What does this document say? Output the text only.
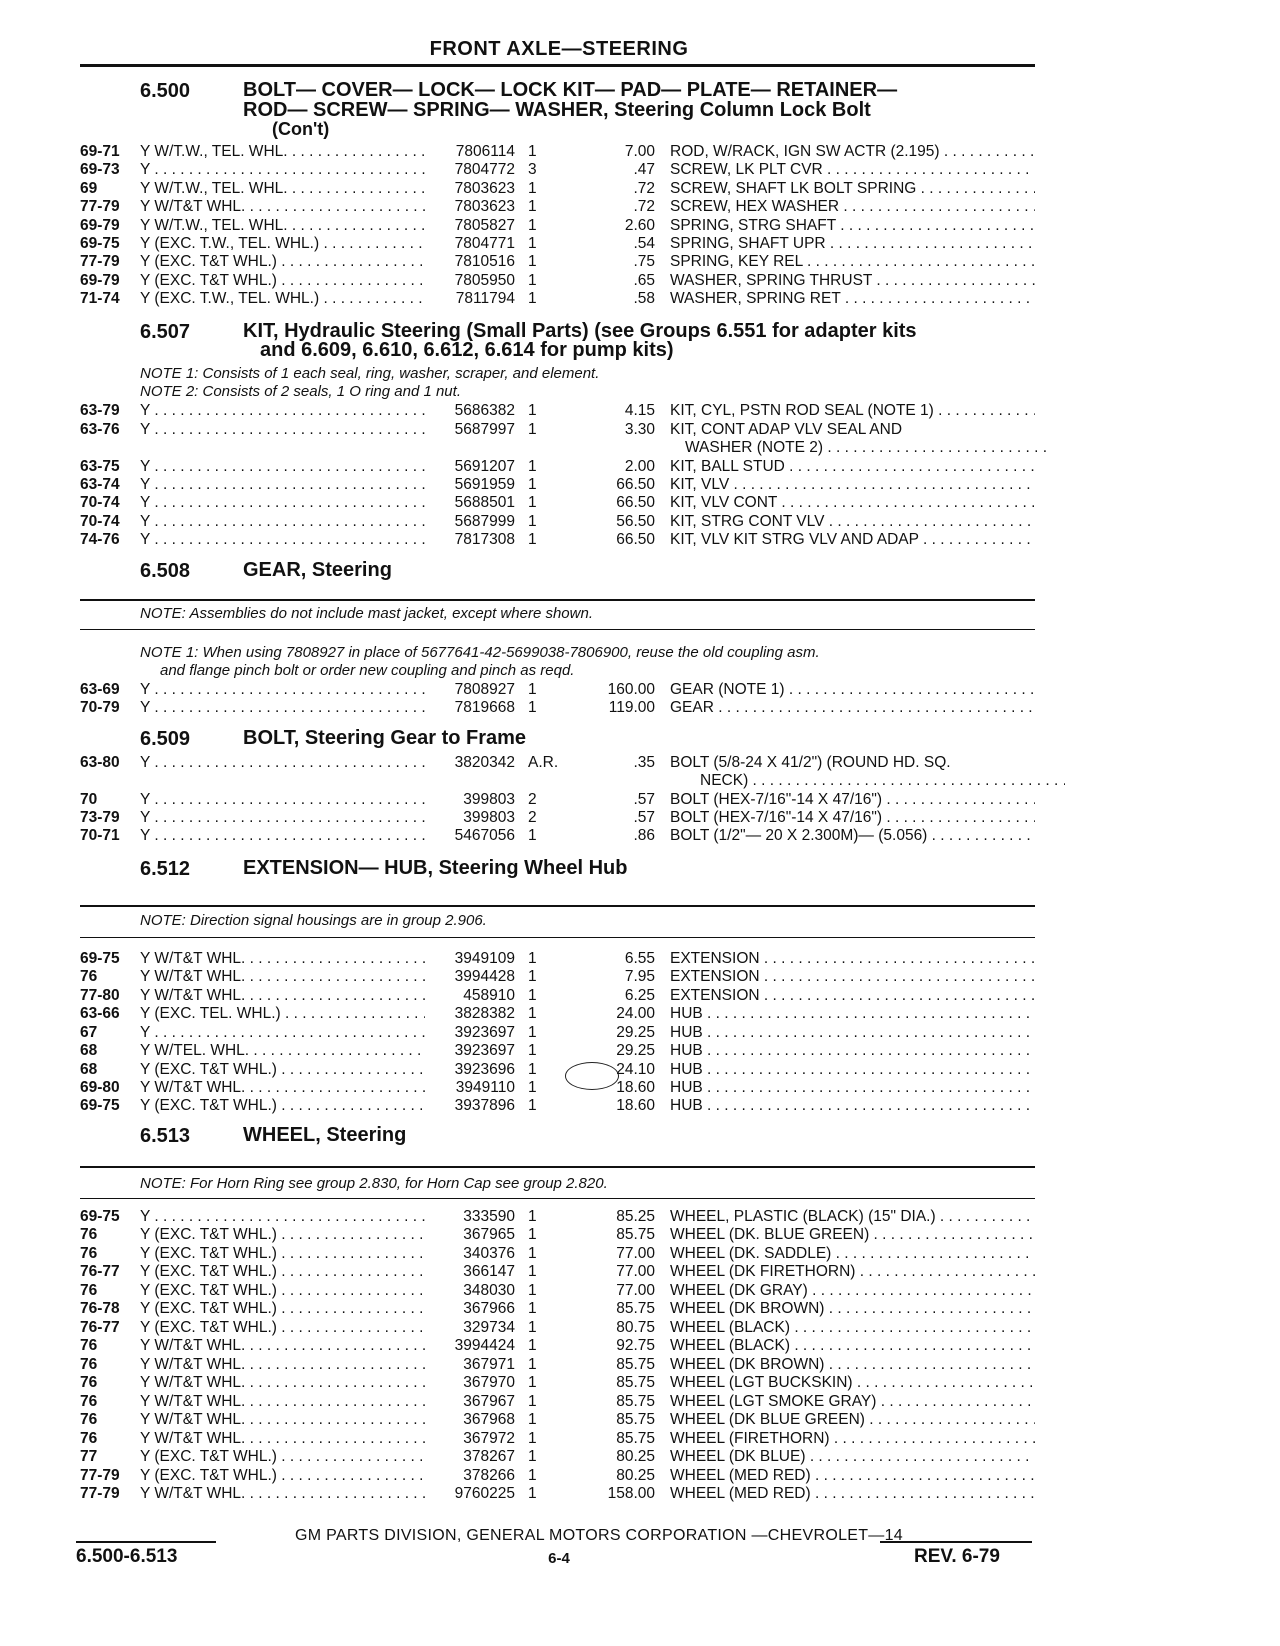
FRONT AXLE—STEERING
6.500	BOLT— COVER— LOCK— LOCK KIT— PAD— PLATE— RETAINER—
ROD— SCREW— SPRING— WASHER, Steering Column Lock Bolt
(Con't)
69-71 Y W/T.W., TEL. WHL. . . .	7806114 1	7.00 ROD, W/RACK, IGN SW ACTR (2.195) . . .
69-73 Y . . .	7804772 3	.47 SCREW, LK PLT CVR . . .
69	Y W/T.W., TEL. WHL. . . .	7803623 1	.72 SCREW, SHAFT LK BOLT SPRING . . .
77-79 Y W/T&T WHL. . . .	7803623 1	.72 SCREW, HEX WASHER . . .
69-79 Y W/T.W., TEL. WHL. . . .	7805827 1	2.60 SPRING, STRG SHAFT . . .
69-75 Y (EXC. T.W., TEL. WHL.) . . .	7804771 1	.54 SPRING, SHAFT UPR . . .
77-79 Y (EXC. T&T WHL.) . . .	7810516 1	.75 SPRING, KEY REL . . .
69-79 Y (EXC. T&T WHL.) . . .	7805950 1	.65 WASHER, SPRING THRUST . . .
71-74 Y (EXC. T.W., TEL. WHL.) . . .	7811794 1	.58 WASHER, SPRING RET . . .
6.507	KIT, Hydraulic Steering (Small Parts) (see Groups 6.551 for adapter kits
and 6.609, 6.610, 6.612, 6.614 for pump kits)
NOTE 1: Consists of 1 each seal, ring, washer, scraper, and element.
NOTE 2: Consists of 2 seals, 1 O ring and 1 nut.
63-79 Y . . .	5686382 1	4.15 KIT, CYL, PSTN ROD SEAL (NOTE 1) . . .
63-76 Y . . .	5687997 1	3.30 KIT, CONT ADAP VLV SEAL AND
WASHER (NOTE 2) . . .
63-75 Y . . .	5691207 1	2.00 KIT, BALL STUD . . .
63-74 Y . . .	5691959 1	66.50 KIT, VLV . . .
70-74 Y . . .	5688501 1	66.50 KIT, VLV CONT . . .
70-74 Y . . .	5687999 1	56.50 KIT, STRG CONT VLV . . .
74-76 Y . . .	7817308 1	66.50 KIT, VLV KIT STRG VLV AND ADAP . . .
6.508	GEAR, Steering
NOTE: Assemblies do not include mast jacket, except where shown.
NOTE 1: When using 7808927 in place of 5677641-42-5699038-7806900, reuse the old coupling asm.
and flange pinch bolt or order new coupling and pinch as reqd.
63-69 Y . . .	7808927 1	160.00 GEAR (NOTE 1) . . .
70-79 Y . . .	7819668 1	119.00 GEAR . . .
6.509	BOLT, Steering Gear to Frame
63-80 Y . . .	3820342 A.R.	.35 BOLT (5/8-24 X 41/2") (ROUND HD. SQ.
NECK) . . .
70	Y . . .	399803 2	.57 BOLT (HEX-7/16"-14 X 47/16") . . .
73-79 Y . . .	399803 2	.57 BOLT (HEX-7/16"-14 X 47/16") . . .
70-71 Y . . .	5467056 1	.86 BOLT (1/2"— 20 X 2.300M)— (5.056) . . .
6.512	EXTENSION— HUB, Steering Wheel Hub
NOTE: Direction signal housings are in group 2.906.
69-75 Y W/T&T WHL. . . .	3949109 1	6.55 EXTENSION . . .
76	Y W/T&T WHL. . . .	3994428 1	7.95 EXTENSION . . .
77-80 Y W/T&T WHL. . . .	458910 1	6.25 EXTENSION . . .
63-66 Y (EXC. TEL. WHL.) . . .	3828382 1	24.00 HUB . . .
67	Y . . .	3923697 1	29.25 HUB . . .
68	Y W/TEL. WHL. . . .	3923697 1	29.25 HUB . . .
68	Y (EXC. T&T WHL.) . . .	3923696 1	24.10 HUB . . .
69-80 Y W/T&T WHL. . . .	3949110 1	18.60 HUB . . .
69-75 Y (EXC. T&T WHL.) . . .	3937896 1	18.60 HUB . . .
6.513	WHEEL, Steering
NOTE: For Horn Ring see group 2.830, for Horn Cap see group 2.820.
69-75 Y . . .	333590 1	85.25 WHEEL, PLASTIC (BLACK) (15" DIA.) . . .
76	Y (EXC. T&T WHL.) . . .	367965 1	85.75 WHEEL (DK. BLUE GREEN) . . .
76	Y (EXC. T&T WHL.) . . .	340376 1	77.00 WHEEL (DK. SADDLE) . . .
76-77 Y (EXC. T&T WHL.) . . .	366147 1	77.00 WHEEL (DK FIRETHORN) . . .
76	Y (EXC. T&T WHL.) . . .	348030 1	77.00 WHEEL (DK GRAY) . . .
76-78 Y (EXC. T&T WHL.) . . .	367966 1	85.75 WHEEL (DK BROWN) . . .
76-77 Y (EXC. T&T WHL.) . . .	329734 1	80.75 WHEEL (BLACK) . . .
76	Y W/T&T WHL. . . .	3994424 1	92.75 WHEEL (BLACK) . . .
76	Y W/T&T WHL. . . .	367971 1	85.75 WHEEL (DK BROWN) . . .
76	Y W/T&T WHL. . . .	367970 1	85.75 WHEEL (LGT BUCKSKIN) . . .
76	Y W/T&T WHL. . . .	367967 1	85.75 WHEEL (LGT SMOKE GRAY) . . .
76	Y W/T&T WHL. . . .	367968 1	85.75 WHEEL (DK BLUE GREEN) . . .
76	Y W/T&T WHL. . . .	367972 1	85.75 WHEEL (FIRETHORN) . . .
77	Y (EXC. T&T WHL.) . . .	378267 1	80.25 WHEEL (DK BLUE) . . .
77-79 Y (EXC. T&T WHL.) . . .	378266 1	80.25 WHEEL (MED RED) . . .
77-79 Y W/T&T WHL. . . .	9760225 1	158.00 WHEEL (MED RED) . . .
GM PARTS DIVISION, GENERAL MOTORS CORPORATION —CHEVROLET—14
6.500-6.513	6-4	REV. 6-79
